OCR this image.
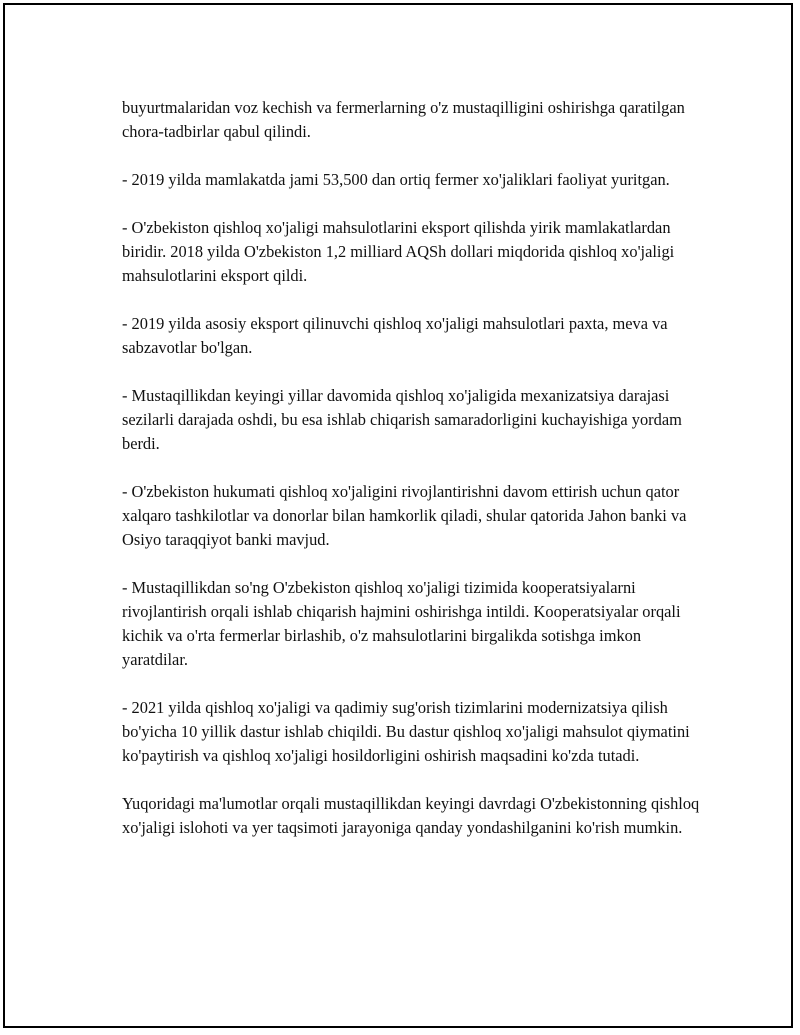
buyurtmalaridan voz kechish va fermerlarning o'z mustaqilligini oshirishga qaratilgan chora-tadbirlar qabul qilindi.

- 2019 yilda mamlakatda jami 53,500 dan ortiq fermer xo'jaliklari faoliyat yuritgan.

- O'zbekiston qishloq xo'jaligi mahsulotlarini eksport qilishda yirik mamlakatlardan biridir. 2018 yilda O'zbekiston 1,2 milliard AQSh dollari miqdorida qishloq xo'jaligi mahsulotlarini eksport qildi.

- 2019 yilda asosiy eksport qilinuvchi qishloq xo'jaligi mahsulotlari paxta, meva va sabzavotlar bo'lgan.

- Mustaqillikdan keyingi yillar davomida qishloq xo'jaligida mexanizatsiya darajasi sezilarli darajada oshdi, bu esa ishlab chiqarish samaradorligini kuchayishiga yordam berdi.

- O'zbekiston hukumati qishloq xo'jaligini rivojlantirishni davom ettirish uchun qator xalqaro tashkilotlar va donorlar bilan hamkorlik qiladi, shular qatorida Jahon banki va Osiyo taraqqiyot banki mavjud.

- Mustaqillikdan so'ng O'zbekiston qishloq xo'jaligi tizimida kooperatsiyalarni rivojlantirish orqali ishlab chiqarish hajmini oshirishga intildi. Kooperatsiyalar orqali kichik va o'rta fermerlar birlashib, o'z mahsulotlarini birgalikda sotishga imkon yaratdilar.

- 2021 yilda qishloq xo'jaligi va qadimiy sug'orish tizimlarini modernizatsiya qilish bo'yicha 10 yillik dastur ishlab chiqildi. Bu dastur qishloq xo'jaligi mahsulot qiymatini ko'paytirish va qishloq xo'jaligi hosildorligini oshirish maqsadini ko'zda tutadi.

Yuqoridagi ma'lumotlar orqali mustaqillikdan keyingi davrdagi O'zbekistonning qishloq xo'jaligi islohoti va yer taqsimoti jarayoniga qanday yondashilganini ko'rish mumkin.
